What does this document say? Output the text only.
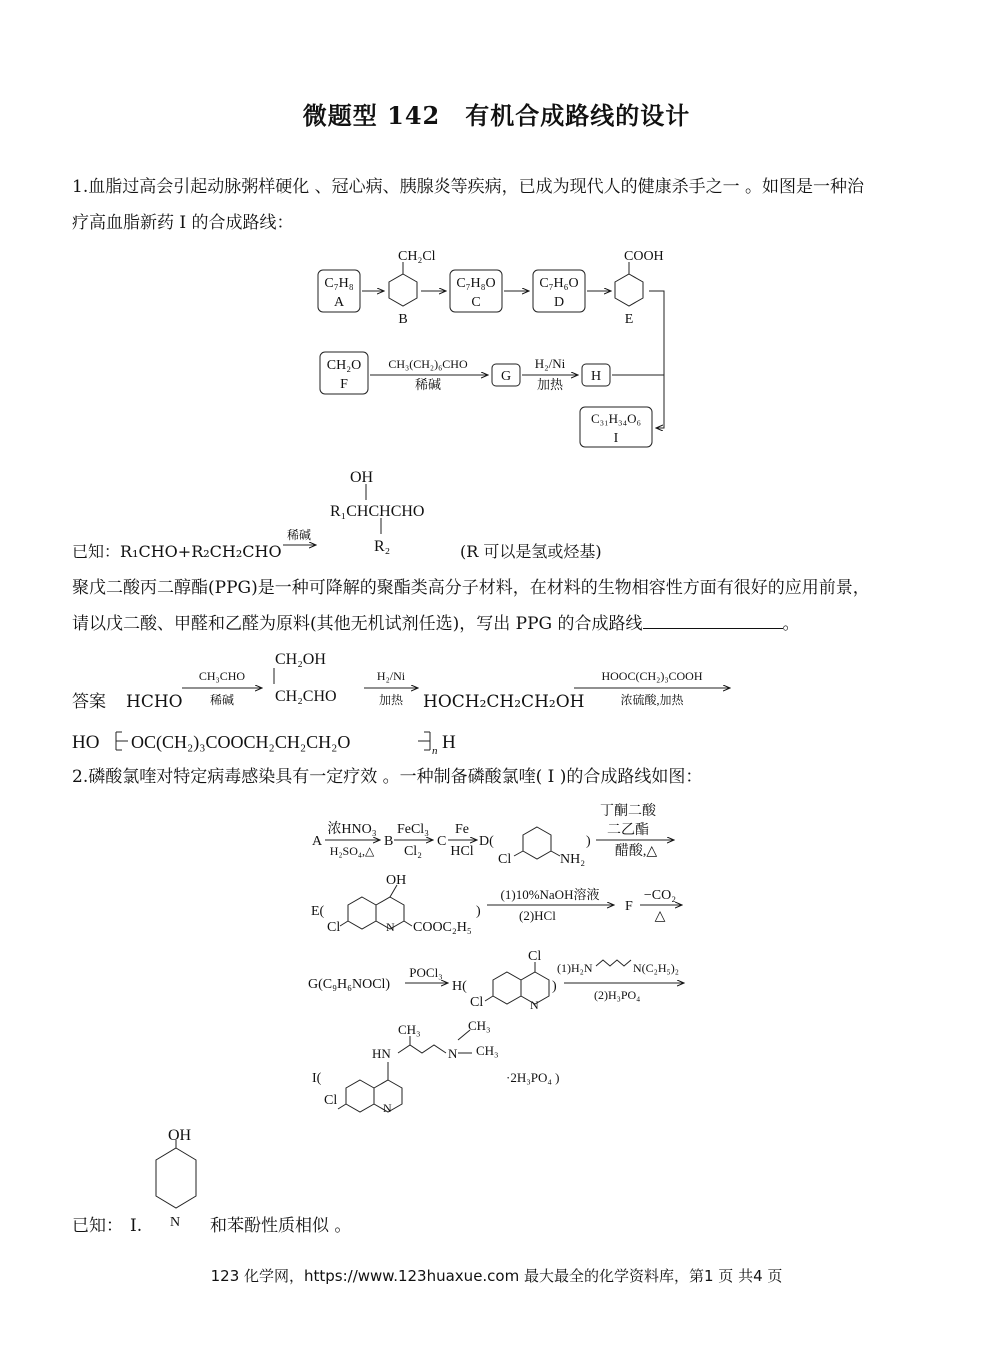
微题型 142　有机合成路线的设计
1.血脂过高会引起动脉粥样硬化 、冠心病、胰腺炎等疾病，已成为现代人的健康杀手之一 。如图是一种治
疗高血脂新药 I 的合成路线：
C₇H₈
A
CH₂Cl
B
C₇H₈O
C
C₇H₆O
D
COOH
E
CH₂O
F
CH₃(CH₂)₆CHO
稀碱
G
H₂/Ni
加热
H
C₃₁H₃₄O₆
I
OH
R₁CHCHCHO
R₂
稀碱
CH₃CHO
稀碱
CH₂OH
CH₂CHO
H₂/Ni
加热
HOOC(CH₂)₃COOH
浓硫酸,加热
HO OC(CH₂)₃COOCH₂CH₂CH₂O	n H
已知：R₁CHO+R₂CH₂CHO	(R 可以是氢或烃基)
聚戊二酸丙二醇酯(PPG)是一种可降解的聚酯类高分子材料，在材料的生物相容性方面有很好的应用前景，
请以戊二酸、甲醛和乙醛为原料(其他无机试剂任选)，写出 PPG 的合成路线	。
答案 HCHO	HOCH₂CH₂CH₂OH
2.磷酸氯喹对特定病毒感染具有一定疗效 。一种制备磷酸氯喹( Ⅰ )的合成路线如图：
A
浓HNO₃
H₂SO₄,△
B
FeCl₃
Cl₂
C
Fe
HCl
D(
Cl	NH₂
)
丁酮二酸
二乙酯
醋酸,△
E(
OH
Cl	N COOC₂H₅
)
(1)10%NaOH溶液
(2)HCl
F
−CO₂
△
G(C₉H₆NOCl)
POCl₃
H(
Cl
Cl	N
)
(1)H₂N	N(C₂H₅)₂
(2)H₃PO₄
I(
CH₃
HN	N
CH₃
CH₃
Cl	N
·2H₃PO₄ )
OH
N
已知： Ⅰ.	和苯酚性质相似 。
123 化学网，https://www.123huaxue.com 最大最全的化学资料库，第1 页 共4 页
